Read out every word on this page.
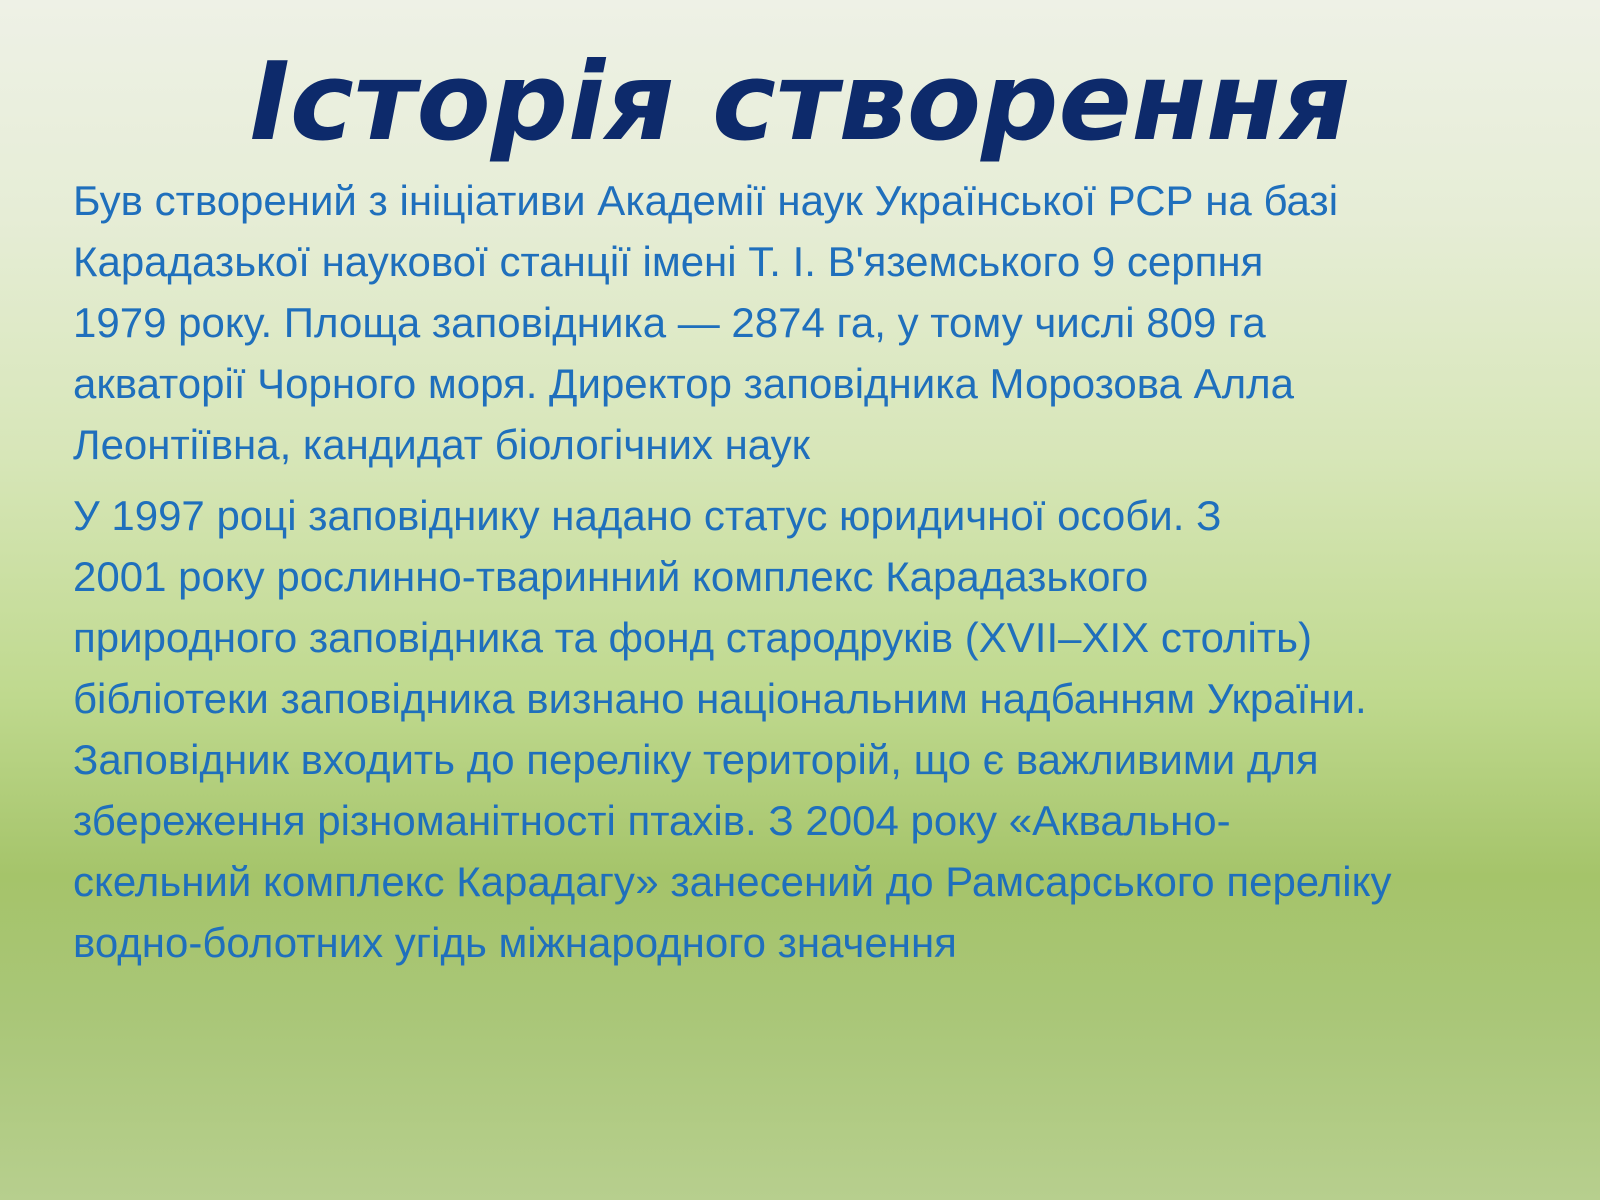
Історія створення

Був створений з ініціативи Академії наук Української РСР на базі
Карадазької наукової станції імені Т. І. В'яземського 9 серпня
1979 року. Площа заповідника — 2874 га, у тому числі 809 га
акваторії Чорного моря. Директор заповідника Морозова Алла
Леонтіївна, кандидат біологічних наук

У 1997 році заповіднику надано статус юридичної особи. З
2001 року рослинно-тваринний комплекс Карадазького
природного заповідника та фонд стародруків (XVII–XIX століть)
бібліотеки заповідника визнано національним надбанням України.
Заповідник входить до переліку територій, що є важливими для
збереження різноманітності птахів. З 2004 року «Аквально-
скельний комплекс Карадагу» занесений до Рамсарського переліку
водно-болотних угідь міжнародного значення
